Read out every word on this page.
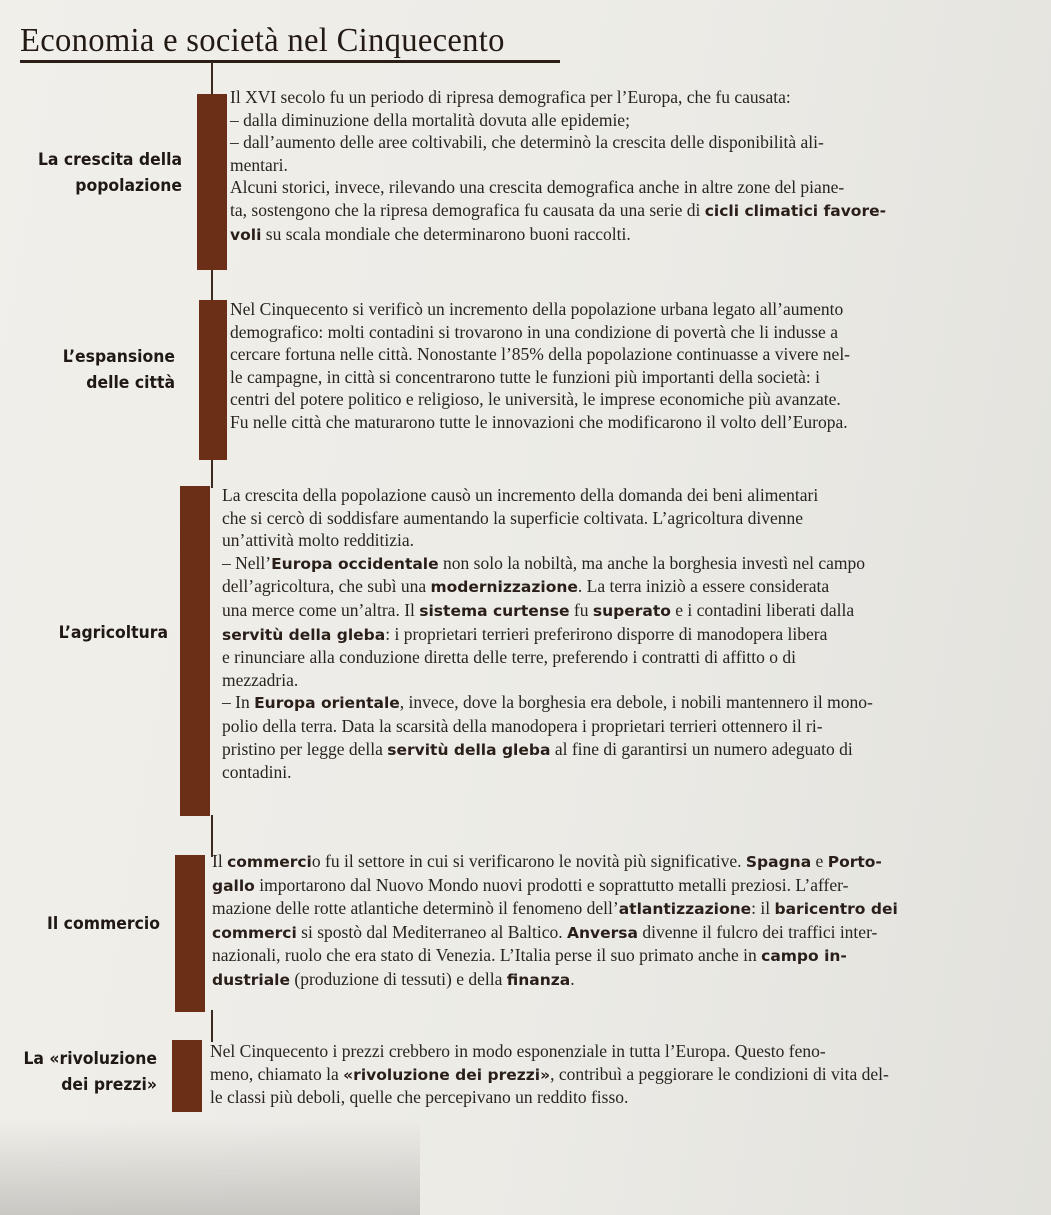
Economia e società nel Cinquecento
La crescita della popolazione
L’espansione delle città
L’agricoltura
Il commercio
La «rivoluzione dei prezzi»
Il XVI secolo fu un periodo di ripresa demografica per l’Europa, che fu causata:
– dalla diminuzione della mortalità dovuta alle epidemie;
– dall’aumento delle aree coltivabili, che determinò la crescita delle disponibilità ali-
mentari.
Alcuni storici, invece, rilevando una crescita demografica anche in altre zone del piane-
ta, sostengono che la ripresa demografica fu causata da una serie di cicli climatici favore-
voli su scala mondiale che determinarono buoni raccolti.
Nel Cinquecento si verificò un incremento della popolazione urbana legato all’aumento
demografico: molti contadini si trovarono in una condizione di povertà che li indusse a
cercare fortuna nelle città. Nonostante l’85% della popolazione continuasse a vivere nel-
le campagne, in città si concentrarono tutte le funzioni più importanti della società: i
centri del potere politico e religioso, le università, le imprese economiche più avanzate.
Fu nelle città che maturarono tutte le innovazioni che modificarono il volto dell’Europa.
La crescita della popolazione causò un incremento della domanda dei beni alimentari
che si cercò di soddisfare aumentando la superficie coltivata. L’agricoltura divenne
un’attività molto redditizia.
– Nell’Europa occidentale non solo la nobiltà, ma anche la borghesia investì nel campo
dell’agricoltura, che subì una modernizzazione. La terra iniziò a essere considerata
una merce come un’altra. Il sistema curtense fu superato e i contadini liberati dalla
servitù della gleba: i proprietari terrieri preferirono disporre di manodopera libera
e rinunciare alla conduzione diretta delle terre, preferendo i contratti di affitto o di
mezzadria.
– In Europa orientale, invece, dove la borghesia era debole, i nobili mantennero il mono-
polio della terra. Data la scarsità della manodopera i proprietari terrieri ottennero il ri-
pristino per legge della servitù della gleba al fine di garantirsi un numero adeguato di
contadini.
Il commercio fu il settore in cui si verificarono le novità più significative. Spagna e Porto-
gallo importarono dal Nuovo Mondo nuovi prodotti e soprattutto metalli preziosi. L’affer-
mazione delle rotte atlantiche determinò il fenomeno dell’atlantizzazione: il baricentro dei
commerci si spostò dal Mediterraneo al Baltico. Anversa divenne il fulcro dei traffici inter-
nazionali, ruolo che era stato di Venezia. L’Italia perse il suo primato anche in campo in-
dustriale (produzione di tessuti) e della finanza.
Nel Cinquecento i prezzi crebbero in modo esponenziale in tutta l’Europa. Questo feno-
meno, chiamato la «rivoluzione dei prezzi», contribuì a peggiorare le condizioni di vita del-
le classi più deboli, quelle che percepivano un reddito fisso.
